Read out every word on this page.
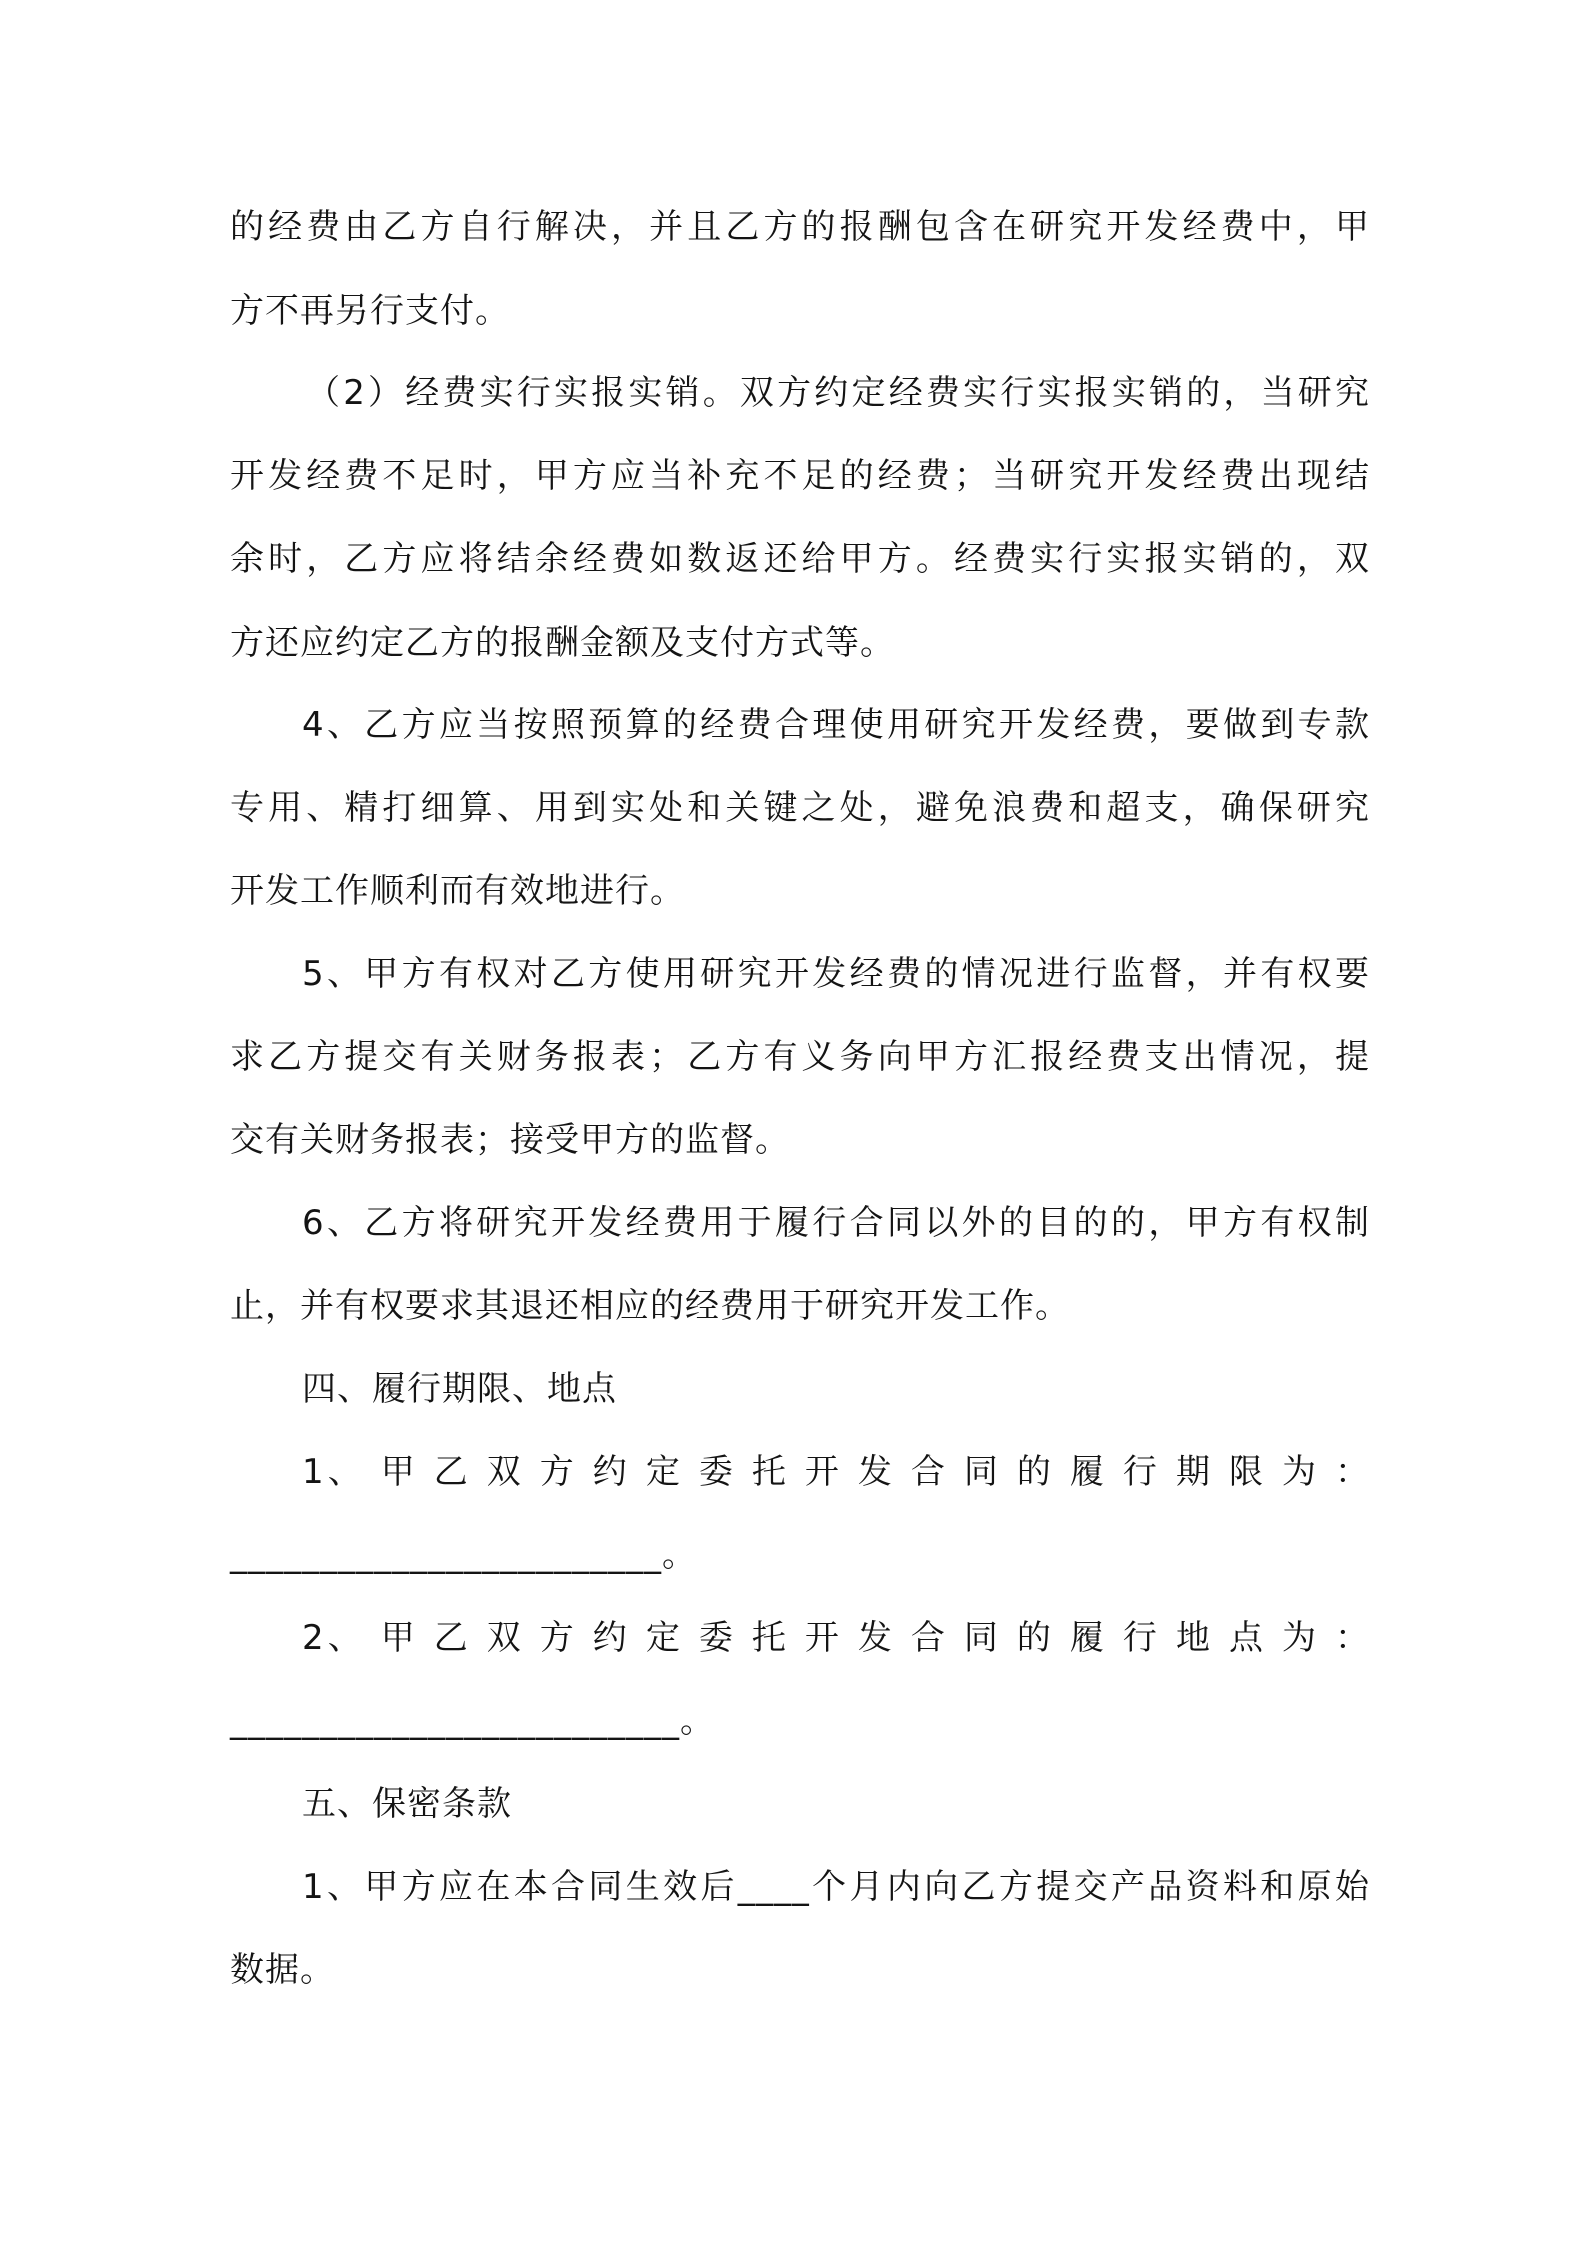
的经费由乙方自行解决，并且乙方的报酬包含在研究开发经费中，甲
方不再另行支付。
（2）经费实行实报实销。双方约定经费实行实报实销的，当研究
开发经费不足时，甲方应当补充不足的经费；当研究开发经费出现结
余时，乙方应将结余经费如数返还给甲方。经费实行实报实销的，双
方还应约定乙方的报酬金额及支付方式等。
4、乙方应当按照预算的经费合理使用研究开发经费，要做到专款
专用、精打细算、用到实处和关键之处，避免浪费和超支，确保研究
开发工作顺利而有效地进行。
5、甲方有权对乙方使用研究开发经费的情况进行监督，并有权要
求乙方提交有关财务报表；乙方有义务向甲方汇报经费支出情况，提
交有关财务报表；接受甲方的监督。
6、乙方将研究开发经费用于履行合同以外的目的的，甲方有权制
止，并有权要求其退还相应的经费用于研究开发工作。
四、履行期限、地点
1、 甲 乙 双 方 约 定 委 托 开 发 合 同 的 履 行 期 限 为 ：
________________________。
2、 甲 乙 双 方 约 定 委 托 开 发 合 同 的 履 行 地 点 为 ：
_________________________。
五、保密条款
1、甲方应在本合同生效后____个月内向乙方提交产品资料和原始
数据。
